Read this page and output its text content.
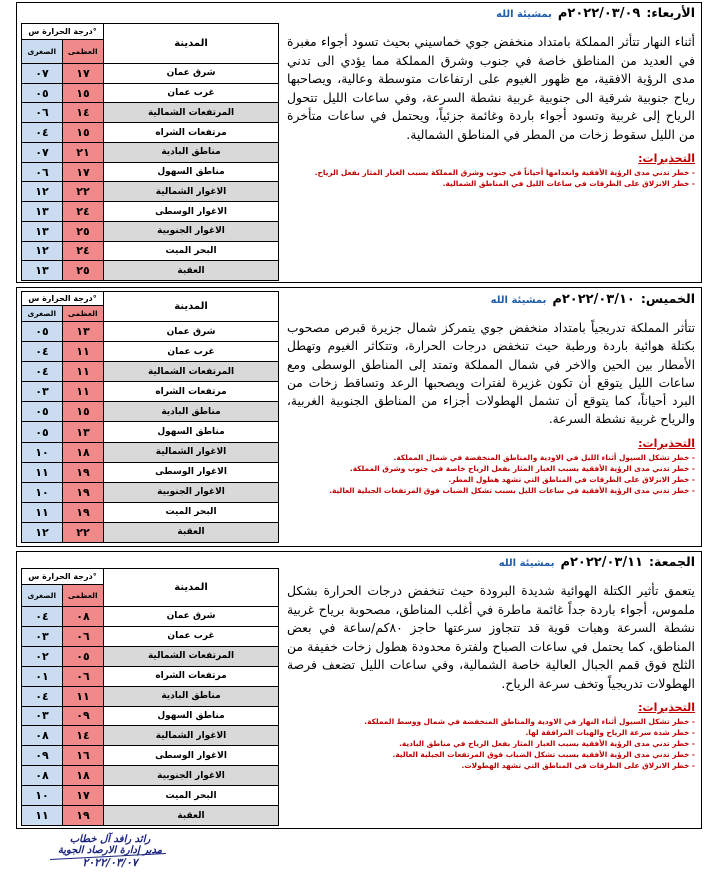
درجة الحرارة س°
الصغرى	العظمى
المدينة
٠٧	١٧	شرق عمان
٠٥	١٥	غرب عمان
٠٦	١٤	المرتفعات الشمالية
٠٤	١٥	مرتفعات الشراه
٠٧	٢١	مناطق البادية
٠٦	١٧	مناطق السهول
١٢	٢٢	الاغوار الشمالية
١٣	٢٤	الاغوار الوسطى
١٣	٢٥	الاغوار الجنوبية
١٢	٢٤	البحر الميت
١٣	٢٥	العقبة
الأربعاء:
٢٠٢٢/٠٣/٠٩م
بمشيئة الله

أثناء النهار تتأثر المملكة بامتداد منخفض جوي خماسيني بحيث تسود أجواء مغبرة في العديد من المناطق خاصة في جنوب وشرق المملكة مما يؤدي الى تدني مدى الرؤية الافقية، مع ظهور الغيوم على ارتفاعات متوسطة وعالية، ويصاحبها رياح جنوبية شرقية الى جنوبية غربية نشطة السرعة، وفي ساعات الليل تتحول الرياح إلى غربية وتسود أجواء باردة وغائمة جزئياً، ويحتمل في ساعات متأخرة من الليل سقوط زخات من المطر في المناطق الشمالية.

التحذيرات:
- خطر تدني مدى الرؤية الأفقية وانعدامها أحياناً في جنوب وشرق المملكة بسبب الغبار المثار بفعل الرياح.
- خطر الانزلاق على الطرقات في ساعات الليل في المناطق الشمالية.
درجة الحرارة س°
الصغرى	العظمى
المدينة
٠٥	١٣	شرق عمان
٠٤	١١	غرب عمان
٠٤	١١	المرتفعات الشمالية
٠٣	١١	مرتفعات الشراه
٠٥	١٥	مناطق البادية
٠٥	١٣	مناطق السهول
١٠	١٨	الاغوار الشمالية
١١	١٩	الاغوار الوسطى
١٠	١٩	الاغوار الجنوبية
١١	١٩	البحر الميت
١٢	٢٢	العقبة
الخميس:
٢٠٢٢/٠٣/١٠م
بمشيئة الله

تتأثر المملكة تدريجياً بامتداد منخفض جوي يتمركز شمال جزيرة قبرص مصحوب بكتلة هوائية باردة ورطبة حيث تنخفض درجات الحرارة، وتتكاثر الغيوم وتهطل الأمطار بين الحين والاخر في شمال المملكة وتمتد إلى المناطق الوسطى ومع ساعات الليل يتوقع أن تكون غزيرة لفترات ويصحبها الرعد وتساقط زخات من البرد أحياناً، كما يتوقع أن تشمل الهطولات أجزاء من المناطق الجنوبية الغربية، والرياح غربية نشطة السرعة.

التحذيرات:
- خطر تشكل السيول أثناء الليل في الاودية والمناطق المنخفضة في شمال المملكة.
- خطر تدني مدى الرؤية الأفقية بسبب الغبار المثار بفعل الرياح خاصة في جنوب وشرق المملكة.
- خطر الانزلاق على الطرقات في المناطق التي تشهد هطول المطر.
- خطر تدني مدى الرؤية الأفقية في ساعات الليل بسبب تشكل الضباب فوق المرتفعات الجبلية العالية.
درجة الحرارة س°
الصغرى	العظمى
المدينة
٠٤	٠٨	شرق عمان
٠٣	٠٦	غرب عمان
٠٢	٠٥	المرتفعات الشمالية
٠١	٠٦	مرتفعات الشراه
٠٤	١١	مناطق البادية
٠٣	٠٩	مناطق السهول
٠٨	١٤	الاغوار الشمالية
٠٩	١٦	الاغوار الوسطى
٠٨	١٨	الاغوار الجنوبية
١٠	١٧	البحر الميت
١١	١٩	العقبة
الجمعة:
٢٠٢٢/٠٣/١١م
بمشيئة الله

يتعمق تأثير الكتلة الهوائية شديدة البرودة حيث تنخفض درجات الحرارة بشكل ملموس، أجواء باردة جداً غائمة ماطرة في أغلب المناطق، مصحوبة برياح غربية نشطة السرعة وهبات قوية قد تتجاوز سرعتها حاجز ٨٠كم/ساعة في بعض المناطق، كما يحتمل في ساعات الصباح ولفترة محدودة هطول زخات خفيفة من الثلج فوق قمم الجبال العالية خاصة الشمالية، وفي ساعات الليل تضعف فرصة الهطولات تدريجياً وتخف سرعة الرياح.

التحذيرات:
- خطر تشكل السيول أثناء النهار في الاودية والمناطق المنخفضة في شمال ووسط المملكة.
- خطر شدة سرعة الرياح والهبات المرافقة لها.
- خطر تدني مدى الرؤية الأفقية بسبب الغبار المثار بفعل الرياح في مناطق البادية.
- خطر تدني مدى الرؤية الأفقية بسبب تشكل الضباب فوق المرتفعات الجبلية العالية.
- خطر الانزلاق على الطرقات في المناطق التي تشهد الهطولات.
رائد رافد آل خطاب
مدير إدارة الارصاد الجوية
٢٠٢٢/٠٣/٠٧
